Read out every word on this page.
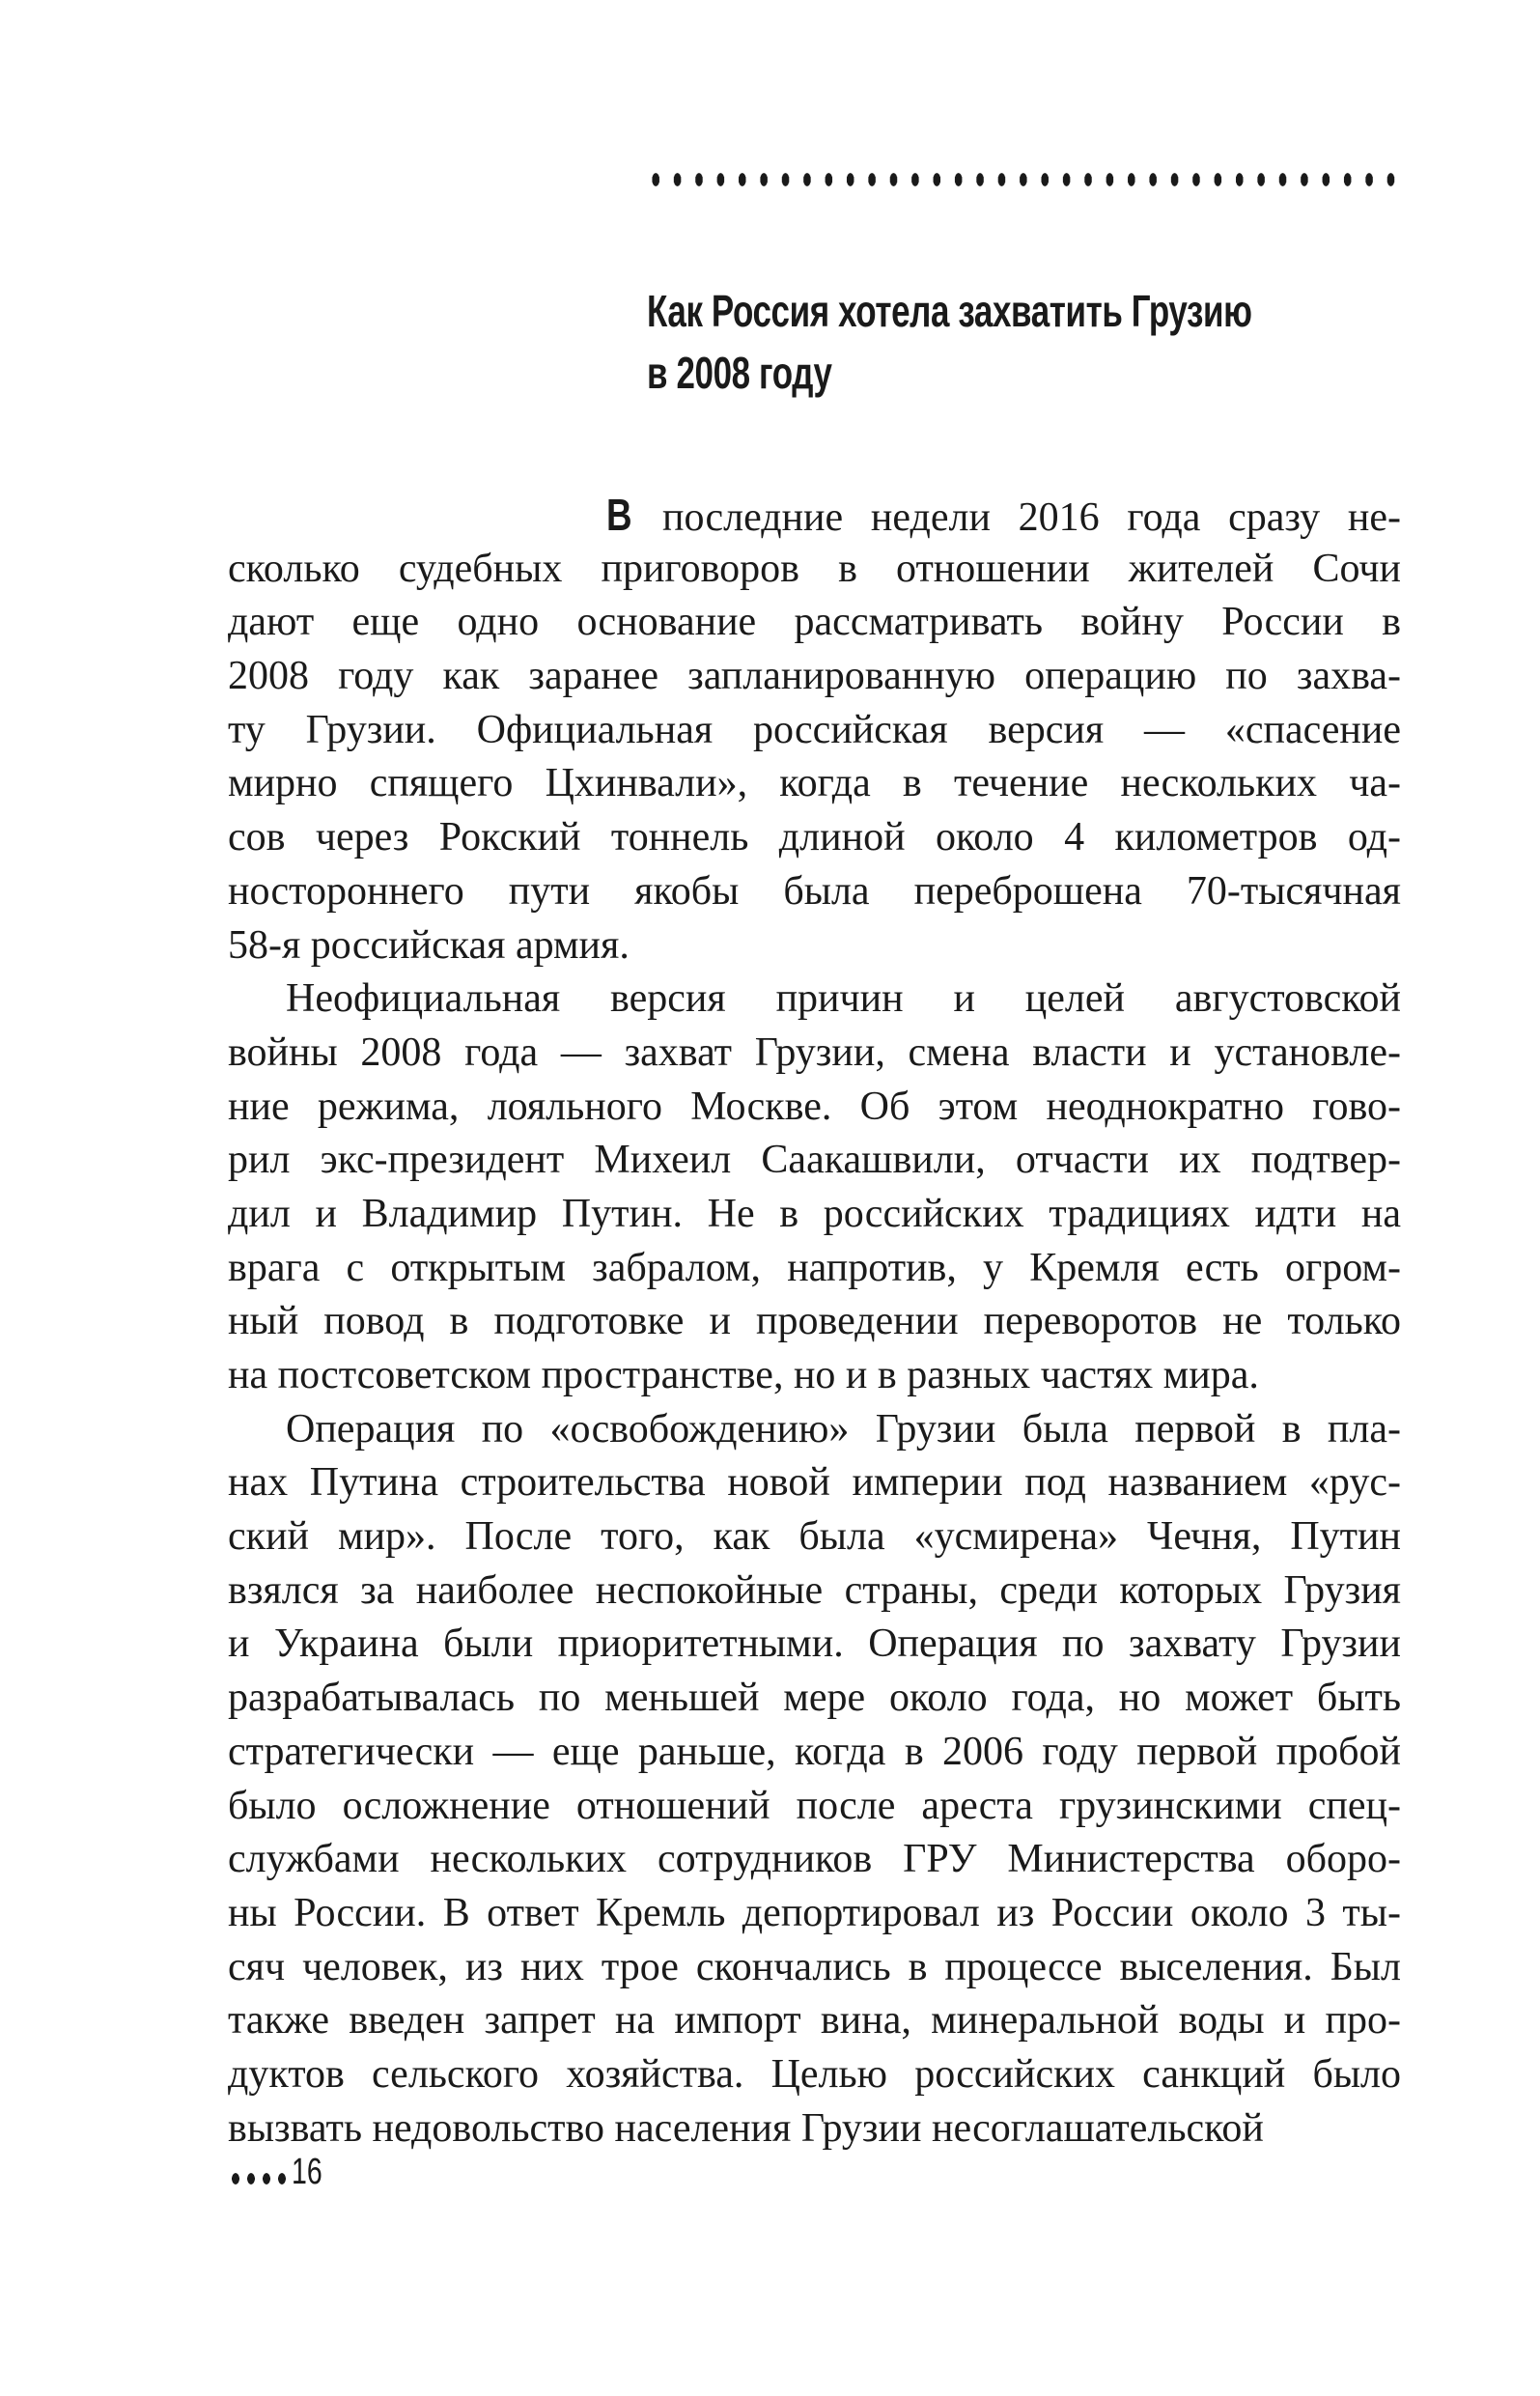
Как Россия хотела захватить Грузию
в 2008 году
В последние недели 2016 года сразу не-
сколько судебных приговоров в отношении жителей Сочи
дают еще одно основание рассматривать войну России в
2008 году как заранее запланированную операцию по захва-
ту Грузии. Официальная российская версия — «спасение
мирно спящего Цхинвали», когда в течение нескольких ча-
сов через Рокский тоннель длиной около 4 километров од-
ностороннего пути якобы была переброшена 70-тысячная
58-я российская армия.
Неофициальная версия причин и целей августовской
войны 2008 года — захват Грузии, смена власти и установле-
ние режима, лояльного Москве. Об этом неоднократно гово-
рил экс-президент Михеил Саакашвили, отчасти их подтвер-
дил и Владимир Путин. Не в российских традициях идти на
врага с открытым забралом, напротив, у Кремля есть огром-
ный повод в подготовке и проведении переворотов не только
на постсоветском пространстве, но и в разных частях мира.
Операция по «освобождению» Грузии была первой в пла-
нах Путина строительства новой империи под названием «рус-
ский мир». После того, как была «усмирена» Чечня, Путин
взялся за наиболее неспокойные страны, среди которых Грузия
и Украина были приоритетными. Операция по захвату Грузии
разрабатывалась по меньшей мере около года, но может быть
стратегически — еще раньше, когда в 2006 году первой пробой
было осложнение отношений после ареста грузинскими спец-
службами нескольких сотрудников ГРУ Министерства оборо-
ны России. В ответ Кремль депортировал из России около 3 ты-
сяч человек, из них трое скончались в процессе выселения. Был
также введен запрет на импорт вина, минеральной воды и про-
дуктов сельского хозяйства. Целью российских санкций было
вызвать недовольство населения Грузии несоглашательской
16
